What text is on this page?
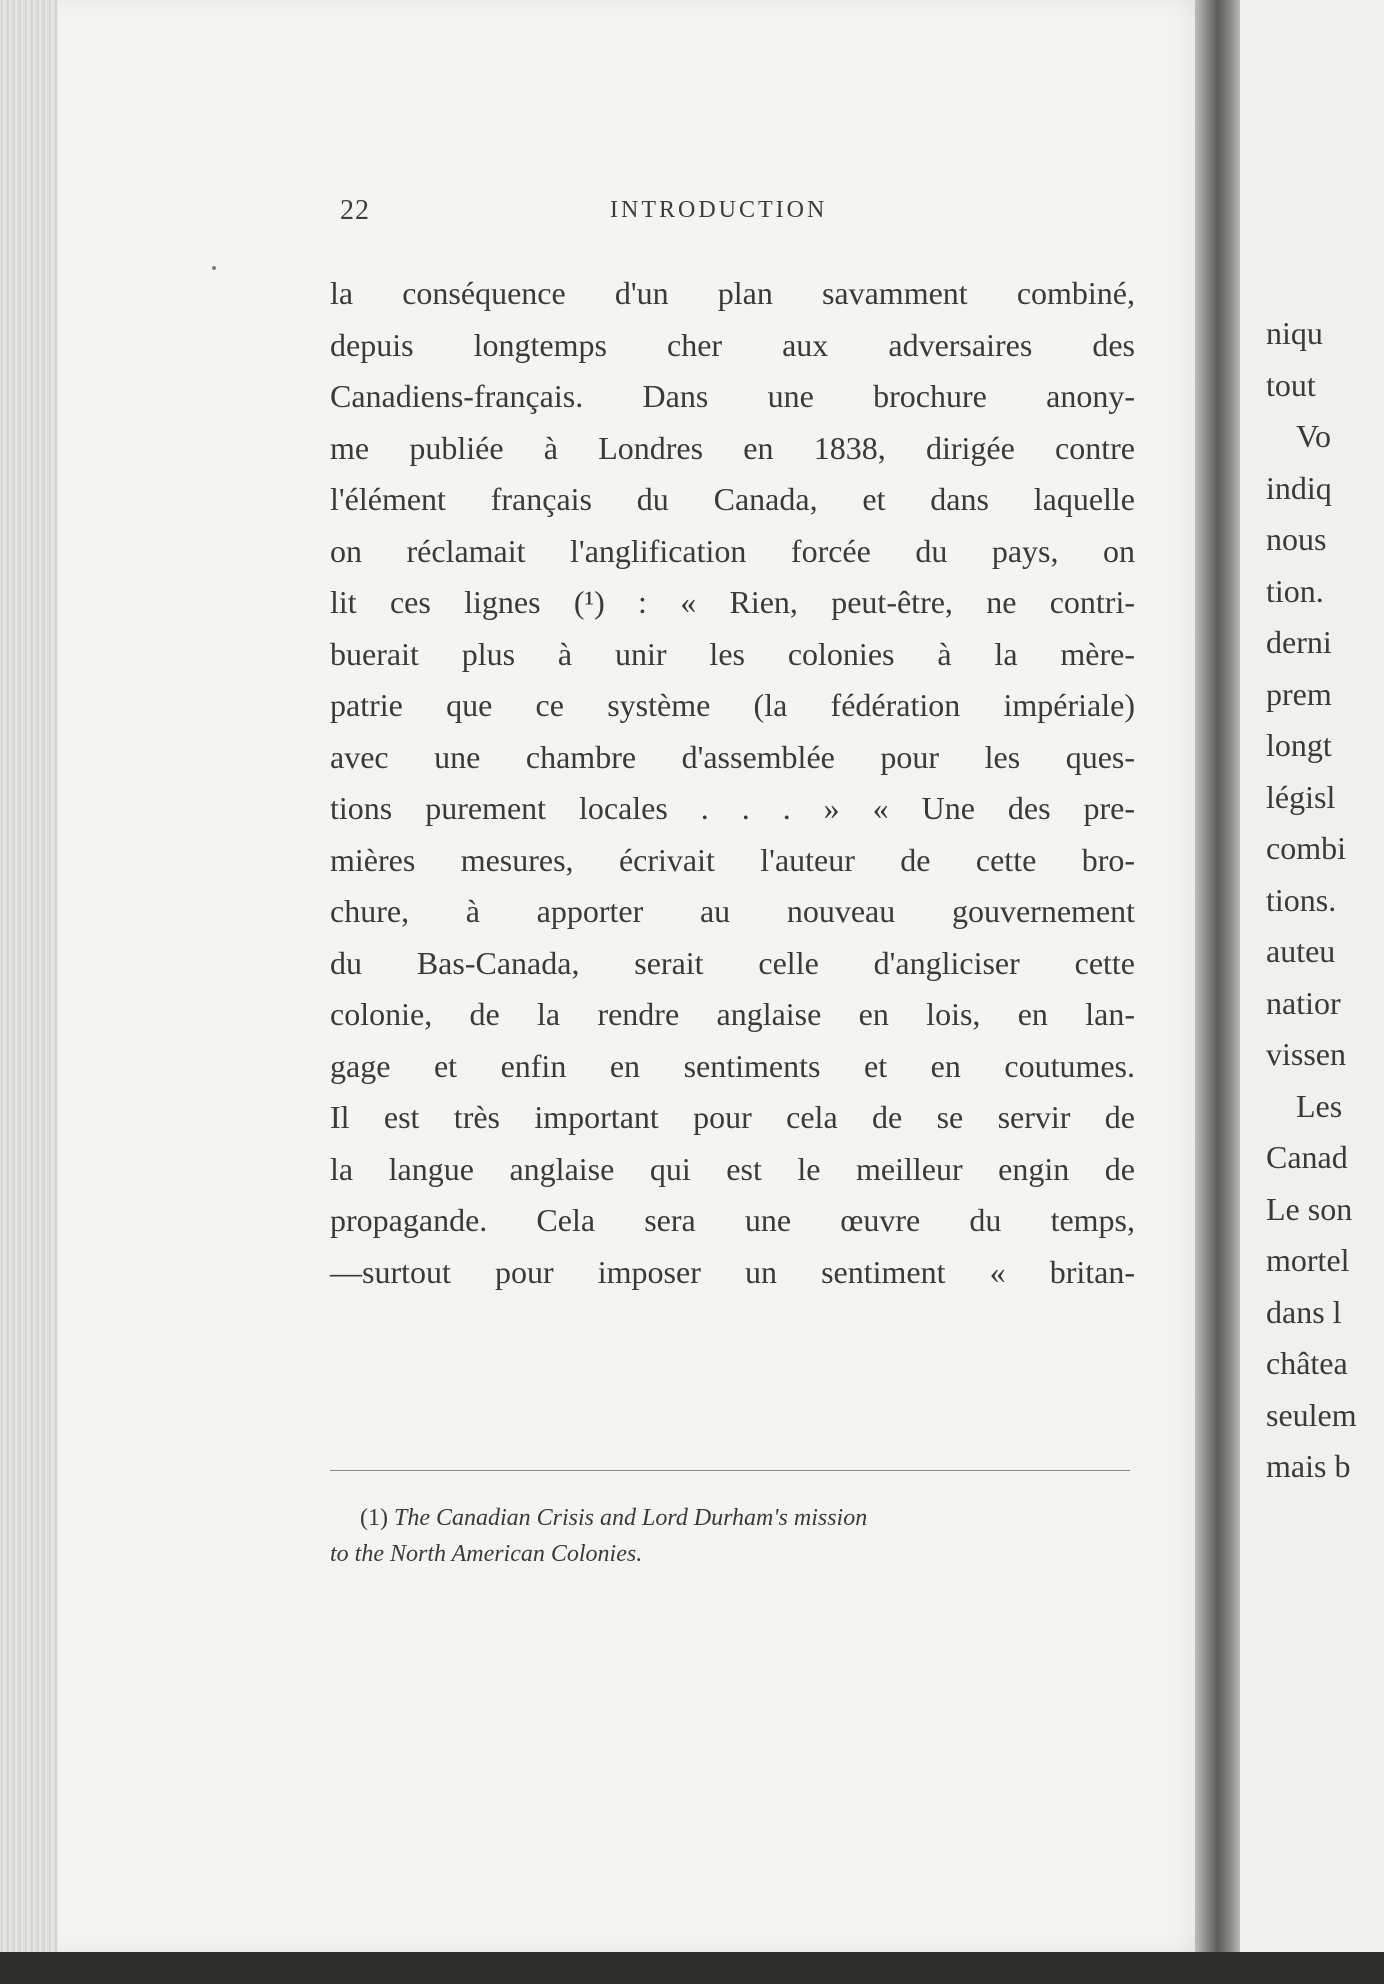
22	INTRODUCTION
la conséquence d'un plan savamment combiné,
depuis longtemps cher aux adversaires des
Canadiens-français. Dans une brochure anony-
me publiée à Londres en 1838, dirigée contre
l'élément français du Canada, et dans laquelle
on réclamait l'anglification forcée du pays, on
lit ces lignes (¹) : « Rien, peut-être, ne contri-
buerait plus à unir les colonies à la mère-
patrie que ce système (la fédération impériale)
avec une chambre d'assemblée pour les ques-
tions purement locales . . . » « Une des pre-
mières mesures, écrivait l'auteur de cette bro-
chure, à apporter au nouveau gouvernement
du Bas-Canada, serait celle d'angliciser cette
colonie, de la rendre anglaise en lois, en lan-
gage et enfin en sentiments et en coutumes.
Il est très important pour cela de se servir de
la langue anglaise qui est le meilleur engin de
propagande. Cela sera une œuvre du temps,
—surtout pour imposer un sentiment « britan-
(1) The Canadian Crisis and Lord Durham's mission
to the North American Colonies.
niqu
tout
Vo
indiq
nous
tion.
derni
prem
longt
législ
combi
tions.
auteu
natior
vissen
Les
Canad
Le son
mortel
dans l
châtea
seulem
mais b
